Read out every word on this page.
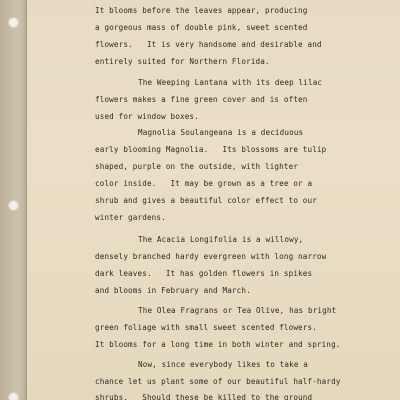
It blooms before the leaves appear, producing
a gorgeous mass of double pink, sweet scented
flowers.   It is very handsome and desirable and
entirely suited for Northern Florida.
The Weeping Lantana with its deep lilac
flowers makes a fine green cover and is often
used for window boxes.
Magnolia Soulangeana is a deciduous
early blooming Magnolia.   Its blossoms are tulip
shaped, purple on the outside, with lighter
color inside.   It may be grown as a tree or a
shrub and gives a beautiful color effect to our
winter gardens.
The Acacia Longifolia is a willowy,
densely branched hardy evergreen with long narrow
dark leaves.   It has golden flowers in spikes
and blooms in February and March.
The Olea Fragrans or Tea Olive, has bright
green foliage with small sweet scented flowers.
It blooms for a long time in both winter and spring.
Now, since everybody likes to take a
chance let us plant some of our beautiful half-hardy
shrubs.   Should these be killed to the ground
